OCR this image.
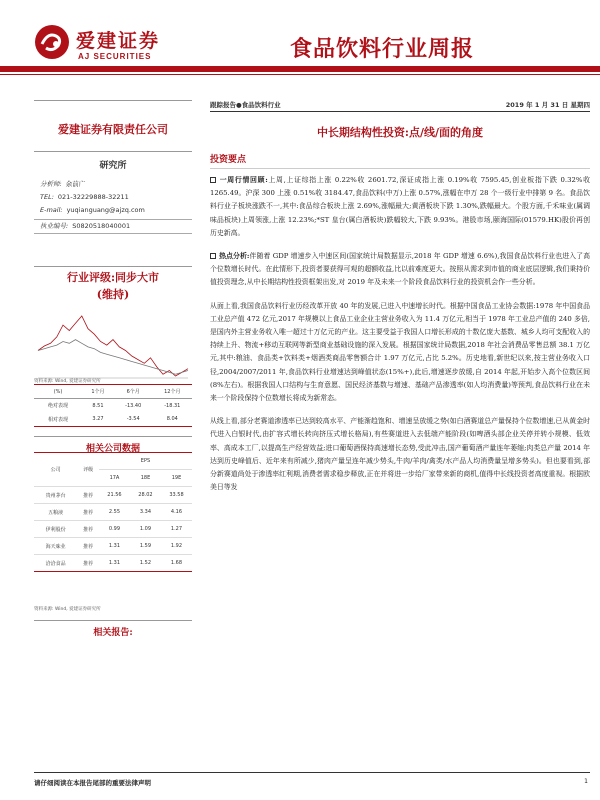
爱建证券
AJ SECURITIES	食品饮料行业周报
爱建证券有限责任公司
研究所
分析师: 余前广
TEL: 021-32229888-32211
E-mail: yuqianguang@ajzq.com
执业编号: S0820518040001
行业评级:同步大市
(维持)
资料来源: Wind, 爱建证券研究所
(%)	1个月	6个月	12个月
绝对表现	8.51	-13.40	-18.31
相对表现	3.27	-3.54	8.04
相关公司数据
公司	评级	EPS		
		17A	18E	19E
贵州茅台	推荐	21.56	28.02	33.58
五粮液	推荐	2.55	3.34	4.16
伊利股份	推荐	0.99	1.09	1.27
海天味业	推荐	1.31	1.59	1.92
洽洽食品	推荐	1.31	1.52	1.68
资料来源: Wind, 爱建证券研究所
相关报告:
跟踪报告●食品饮料行业	2019 年 1 月 31 日 星期四
中长期结构性投资:点/线/面的角度
投资要点

一周行情回顾:上周,上证综指上涨 0.22%收 2601.72,深证成指上涨 0.19%收 7595.45,创业板指下跌 0.32%收 1265.49。沪深 300 上涨 0.51%收 3184.47,食品饮料(中万)上涨 0.57%,涨幅在申万 28 个一级行业中排第 9 名。食品饮料行业子板块涨跌不一,其中:食品综合板块上涨 2.69%,涨幅最大;黄酒板块下跌 1.30%,跌幅最大。个股方面,千禾味业(属调味品板块)上周领涨,上涨 12.23%;*ST 皇台(属白酒板块)跌幅较大,下跌 9.93%。港股市场,颐海国际(01579.HK)股价再创历史新高。

热点分析:伴随着 GDP 增速步入中速区间(国家统计局数据显示,2018 年 GDP 增速 6.6%),我国食品饮料行业也进入了高个位数增长时代。在此情形下,投资者要获得可观的超额收益,比以前难度更大。按照从需求到市值的商业底层逻辑,我们秉持价值投资理念,从中长期结构性投资框架出发,对 2019 年及未来一个阶段食品饮料行业的投资机会作一些分析。

从面上看,我国食品饮料行业历经改革开放 40 年的发展,已进入中速增长时代。根据中国食品工业协会数据:1978 年中国食品工业总产值 472 亿元,2017 年规模以上食品工业企业主营业务收入为 11.4 万亿元,相当于 1978 年工业总产值的 240 多倍,是国内外主营业务收入唯一超过十万亿元的产业。这主要受益于我国人口增长形成的十数亿庞大基数、城乡人均可支配收入的持续上升、物流+移动互联网等新型商业基础设施的深入发展。根据国家统计局数据,2018 年社会消费品零售总额 38.1 万亿元,其中:粮油、食品类+饮料类+烟酒类商品零售额合计 1.97 万亿元,占比 5.2%。历史地看,新世纪以来,按主营业务收入口径,2004/2007/2011 年,食品饮料行业增速达到峰值状态(15%+),此后,增速逐步放缓,自 2014 年起,开始步入高个位数区间(8%左右)。根据我国人口结构与生育意愿、国民经济基数与增速、基础产品渗透率(如人均消费量)等预判,食品饮料行业在未来一个阶段保持个位数增长将成为新常态。

从线上看,部分老赛道渗透率已达到较高水平、产能渐趋饱和、增速呈放缓之势(如白酒赛道总产量保持个位数增速,已从黄金时代进入白银时代,由扩容式增长转向挤压式增长格局),有些赛道进入去低端产能阶段(如啤酒头部企业关停并转小规模、低效率、高成本工厂,以提高生产经营效益;进口葡萄酒保持高速增长态势,受此冲击,国产葡萄酒产量连年萎缩;肉类总产量 2014 年达到历史峰值后、近年来有所减少,猪肉产量呈连年减少势头,牛肉/羊肉/禽类/水产品人均消费量呈增多势头)。但也要看到,部分新赛道尚处于渗透率红利期,消费者需求稳步释放,正在并将进一步给厂家带来新的商机,值得中长线投资者高度重视。根据欧美日等发

请仔细阅读在本报告尾部的重要法律声明	1
